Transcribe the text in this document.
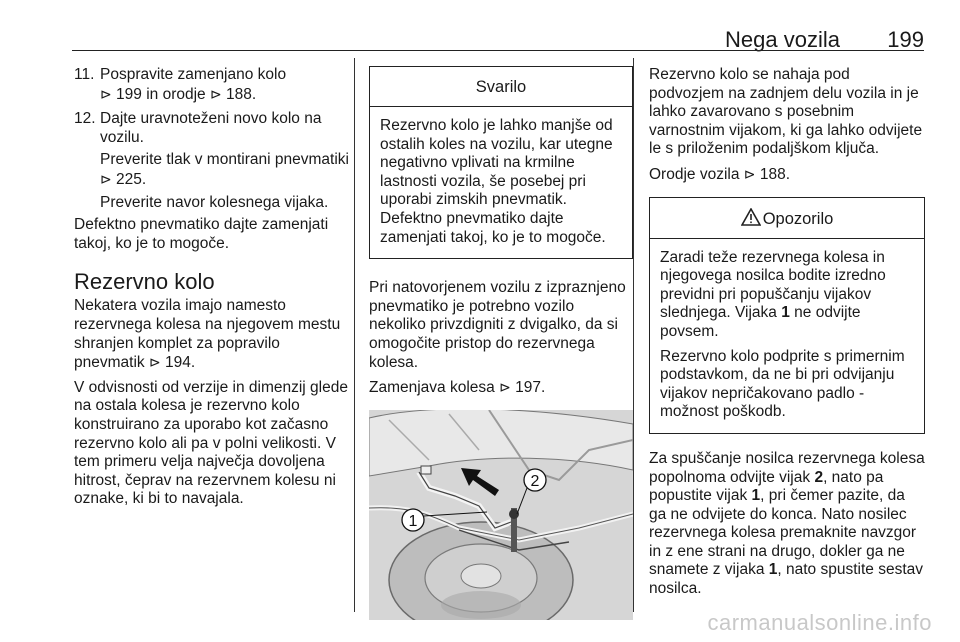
Nega vozila 199
11. Pospravite zamenjano kolo
⊳ 199 in orodje ⊳ 188.

12. Dajte uravnoteženi novo kolo na vozilu.

Preverite tlak v montirani pnevmatiki ⊳ 225.

Preverite navor kolesnega vijaka.

Defektno pnevmatiko dajte zamenjati takoj, ko je to mogoče.

Rezervno kolo

Nekatera vozila imajo namesto rezervnega kolesa na njegovem mestu shranjen komplet za popravilo pnevmatik ⊳ 194.

V odvisnosti od verzije in dimenzij glede na ostala kolesa je rezervno kolo konstruirano za uporabo kot začasno rezervno kolo ali pa v polni velikosti. V tem primeru velja največja dovoljena hitrost, čeprav na rezervnem kolesu ni oznake, ki bi to navajala.

Svarilo
Rezervno kolo je lahko manjše od ostalih koles na vozilu, kar utegne negativno vplivati na krmilne lastnosti vozila, še posebej pri uporabi zimskih pnevmatik. Defektno pnevmatiko dajte zamenjati takoj, ko je to mogoče.

Pri natovorjenem vozilu z izpraznjeno pnevmatiko je potrebno vozilo nekoliko privzdigniti z dvigalko, da si omogočite pristop do rezervnega kolesa.

Zamenjava kolesa ⊳ 197.

1
2

Rezervno kolo se nahaja pod podvozjem na zadnjem delu vozila in je lahko zavarovano s posebnim varnostnim vijakom, ki ga lahko odvijete le s priloženim podaljškom ključa.

Orodje vozila ⊳ 188.

Opozorilo

Zaradi teže rezervnega kolesa in njegovega nosilca bodite izredno previdni pri popuščanju vijakov slednjega. Vijaka 1 ne odvijte povsem.

Rezervno kolo podprite s primernim podstavkom, da ne bi pri odvijanju vijakov nepričakovano padlo - možnost poškodb.

Za spuščanje nosilca rezervnega kolesa popolnoma odvijte vijak 2, nato pa popustite vijak 1, pri čemer pazite, da ga ne odvijete do konca. Nato nosilec rezervnega kolesa premaknite navzgor in z ene strani na drugo, dokler ga ne snamete z vijaka 1, nato spustite sestav nosilca.

carmanualsonline.info
